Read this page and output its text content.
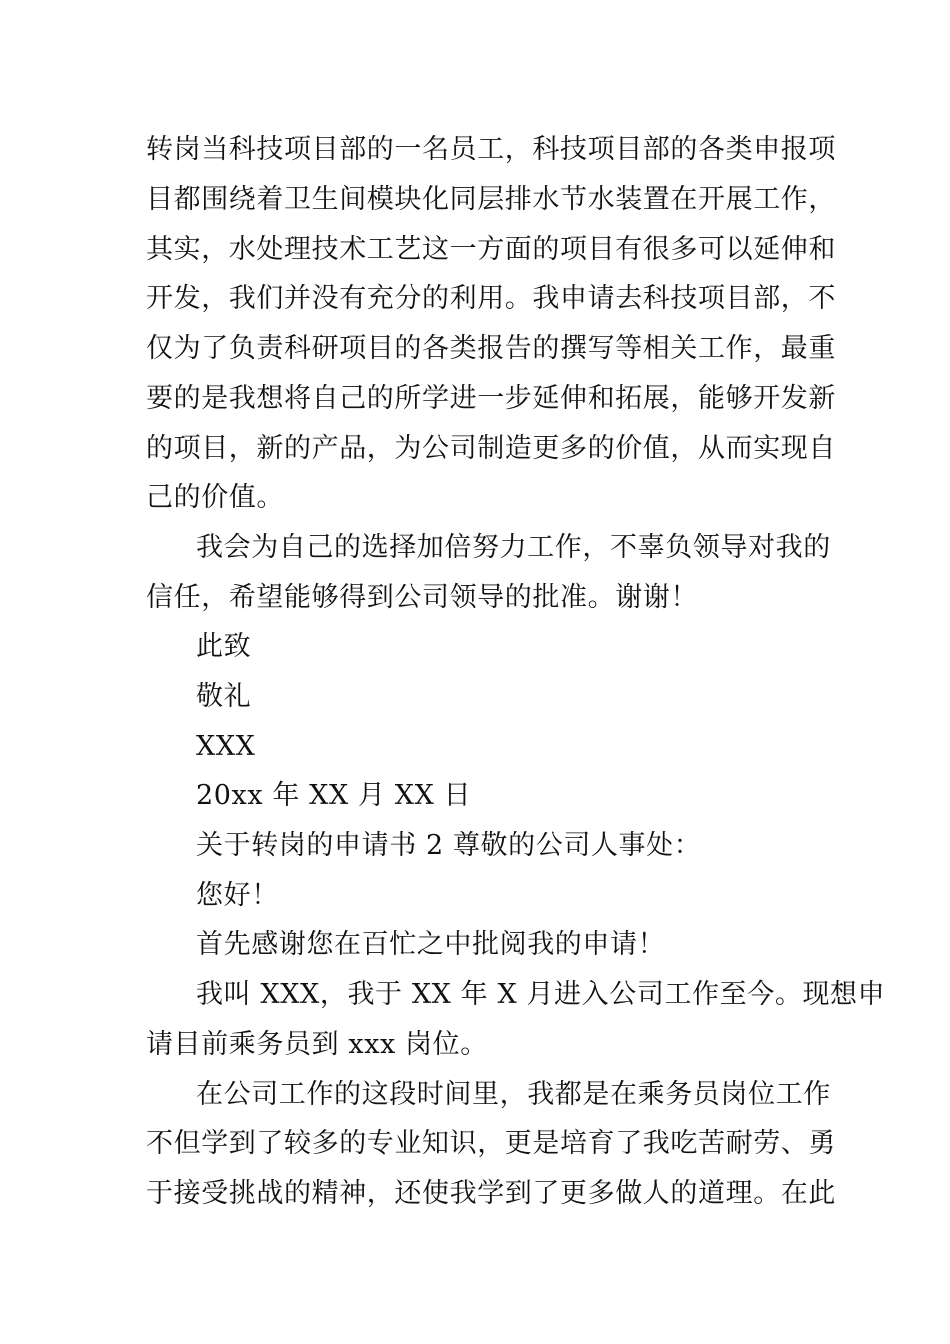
转岗当科技项目部的一名员工，科技项目部的各类申报项
目都围绕着卫生间模块化同层排水节水装置在开展工作，
其实，水处理技术工艺这一方面的项目有很多可以延伸和
开发，我们并没有充分的利用。我申请去科技项目部，不
仅为了负责科研项目的各类报告的撰写等相关工作，最重
要的是我想将自己的所学进一步延伸和拓展，能够开发新
的项目，新的产品，为公司制造更多的价值，从而实现自
己的价值。
我会为自己的选择加倍努力工作，不辜负领导对我的
信任，希望能够得到公司领导的批准。谢谢！
此致
敬礼
XXX
20xx 年 XX 月 XX 日
关于转岗的申请书 2 尊敬的公司人事处：
您好！
首先感谢您在百忙之中批阅我的申请！
我叫 XXX，我于 XX 年 X 月进入公司工作至今。现想申
请目前乘务员到 xxx 岗位。
在公司工作的这段时间里，我都是在乘务员岗位工作
不但学到了较多的专业知识，更是培育了我吃苦耐劳、勇
于接受挑战的精神，还使我学到了更多做人的道理。在此
